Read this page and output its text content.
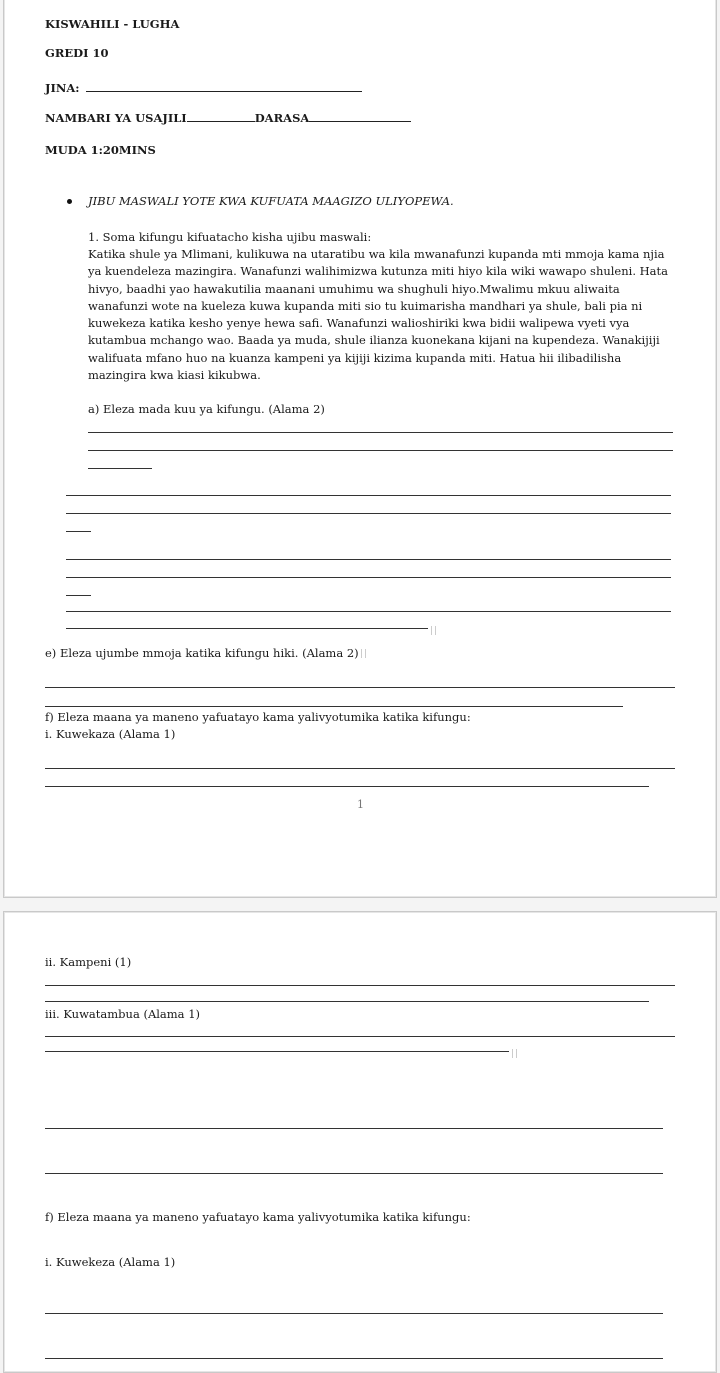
KISWAHILI - LUGHA
GREDI 10
JINA:
NAMBARI YA USAJILI	DARASA
MUDA 1:20MINS
JIBU MASWALI YOTE KWA KUFUATA MAAGIZO ULIYOPEWA.
1. Soma kifungu kifuatacho kisha ujibu maswali:
Katika shule ya Mlimani, kulikuwa na utaratibu wa kila mwanafunzi kupanda mti mmoja kama njia ya kuendeleza mazingira. Wanafunzi walihimizwa kutunza miti hiyo kila wiki wawapo shuleni. Hata hivyo, baadhi yao hawakutilia maanani umuhimu wa shughuli hiyo.Mwalimu mkuu aliwaita wanafunzi wote na kueleza kuwa kupanda miti sio tu kuimarisha mandhari ya shule, bali pia ni kuwekeza katika kesho yenye hewa safi. Wanafunzi walioshiriki kwa bidii walipewa vyeti vya kutambua mchango wao. Baada ya muda, shule ilianza kuonekana kijani na kupendeza. Wanakijiji walifuata mfano huo na kuanza kampeni ya kijiji kizima kupanda miti. Hatua hii ilibadilisha mazingira kwa kiasi kikubwa.
a) Eleza mada kuu ya kifungu. (Alama 2)
e) Eleza ujumbe mmoja katika kifungu hiki. (Alama 2)
f) Eleza maana ya maneno yafuatayo kama yalivyotumika katika kifungu:
i. Kuwekaza (Alama 1)
1
ii. Kampeni (1)
iii. Kuwatambua (Alama 1)
f) Eleza maana ya maneno yafuatayo kama yalivyotumika katika kifungu:
i. Kuwekeza (Alama 1)
